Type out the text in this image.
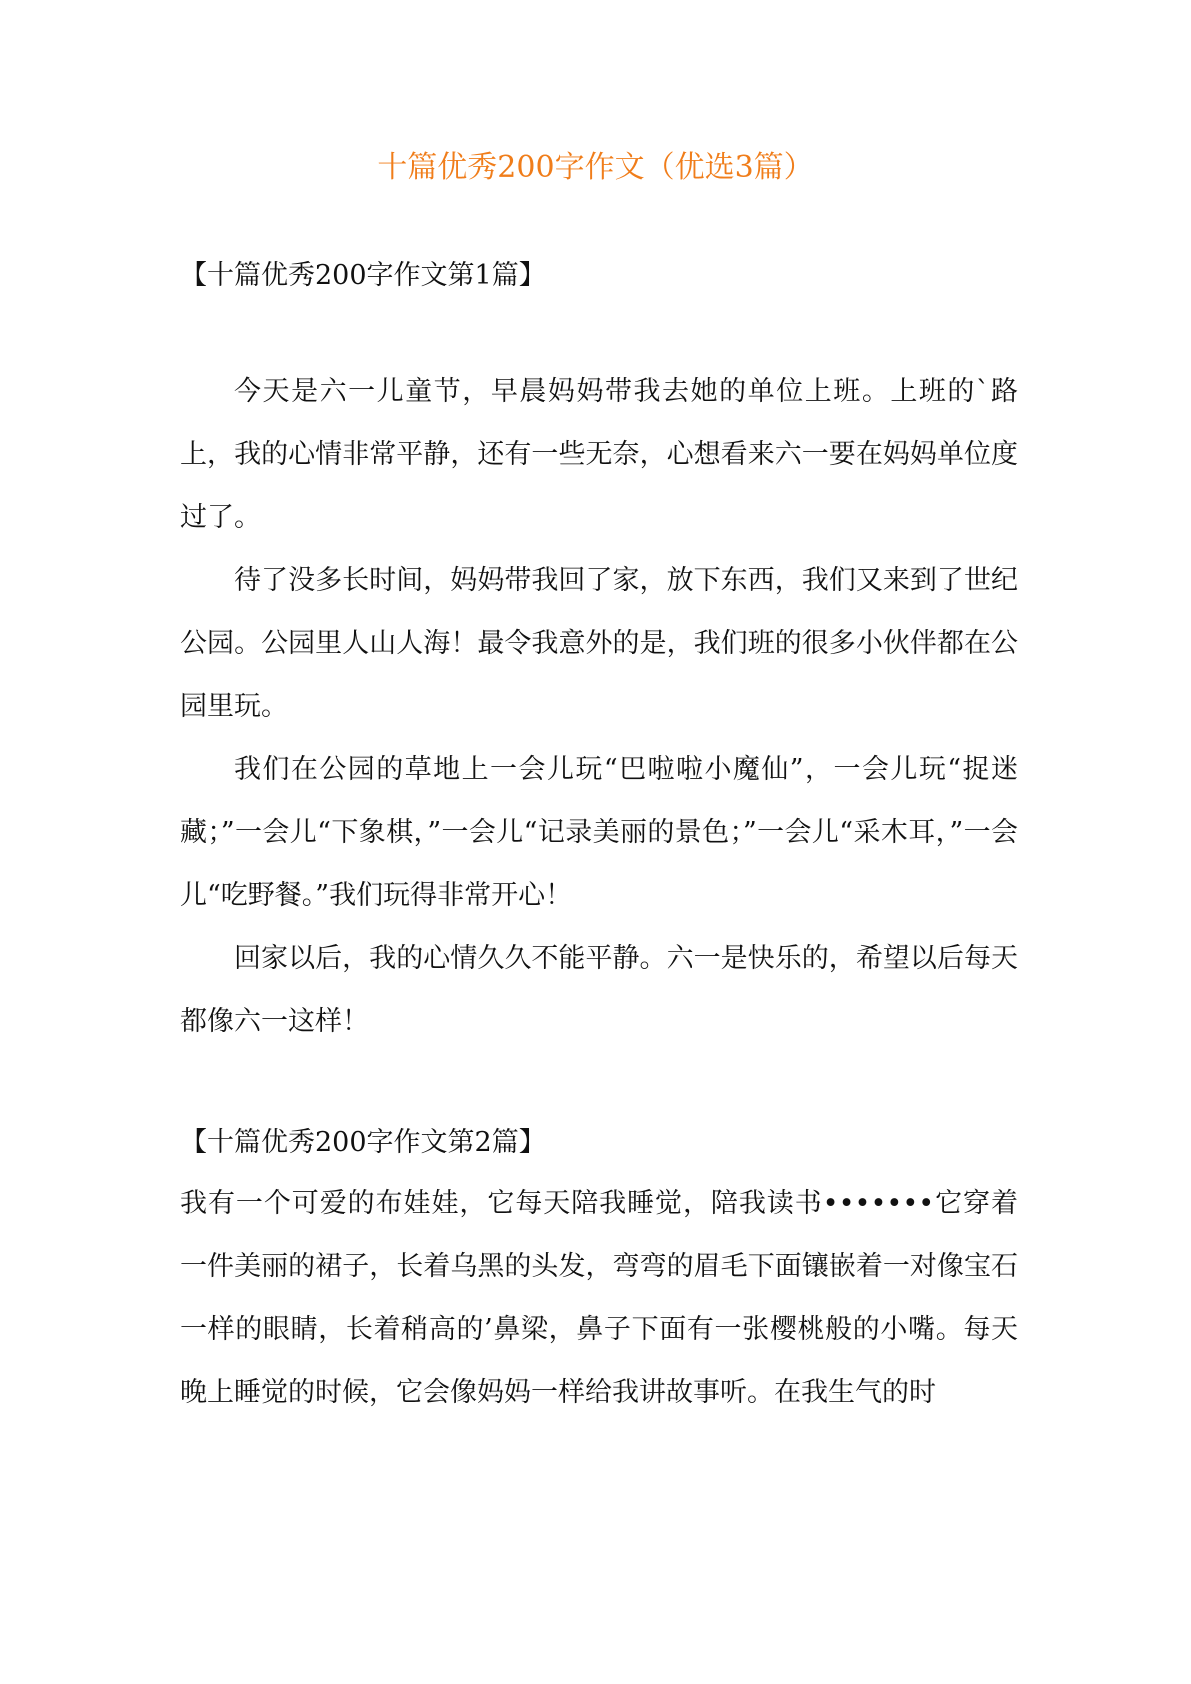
十篇优秀200字作文（优选3篇）
【十篇优秀200字作文第1篇】

今天是六一儿童节，早晨妈妈带我去她的单位上班。上班的`路上，我的心情非常平静，还有一些无奈，心想看来六一要在妈妈单位度过了。

待了没多长时间，妈妈带我回了家，放下东西，我们又来到了世纪公园。公园里人山人海！最令我意外的是，我们班的很多小伙伴都在公园里玩。

我们在公园的草地上一会儿玩“巴啦啦小魔仙”，一会儿玩“捉迷藏；”一会儿“下象棋，”一会儿“记录美丽的景色；”一会儿“采木耳，”一会儿“吃野餐。”我们玩得非常开心！

回家以后，我的心情久久不能平静。六一是快乐的，希望以后每天都像六一这样！

【十篇优秀200字作文第2篇】

我有一个可爱的布娃娃，它每天陪我睡觉，陪我读书•••••••它穿着一件美丽的裙子，长着乌黑的头发，弯弯的眉毛下面镶嵌着一对像宝石一样的眼睛，长着稍高的’鼻梁，鼻子下面有一张樱桃般的小嘴。每天晚上睡觉的时候，它会像妈妈一样给我讲故事听。在我生气的时
